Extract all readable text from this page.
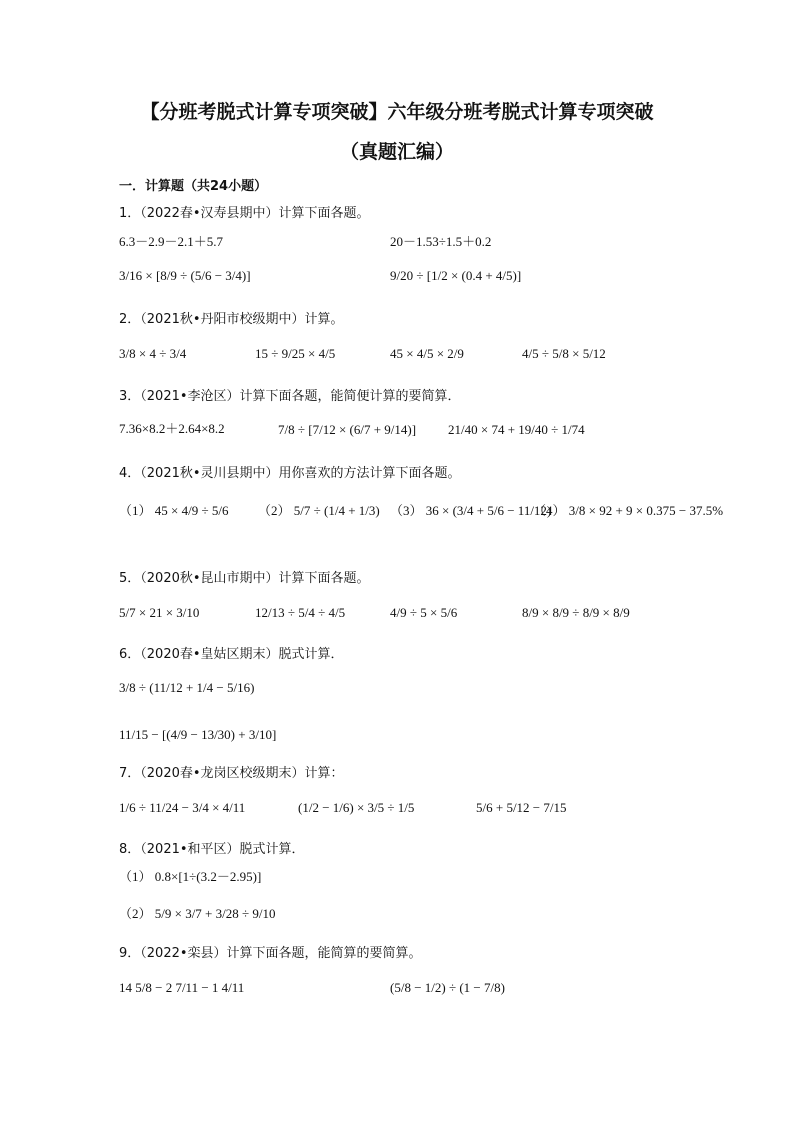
【分班考脱式计算专项突破】六年级分班考脱式计算专项突破
（真题汇编）
一．计算题（共24小题）
1．（2022春•汉寿县期中）计算下面各题。
6.3－2.9－2.1＋5.7	20－1.53÷1.5＋0.2
3/16 × [8/9 ÷ (5/6 − 3/4)]	9/20 ÷ [1/2 × (0.4 + 4/5)]
2．（2021秋•丹阳市校级期中）计算。
3/8 × 4 ÷ 3/4	15 ÷ 9/25 × 4/5	45 × 4/5 × 2/9	4/5 ÷ 5/8 × 5/12
3．（2021•李沧区）计算下面各题，能简便计算的要简算．
7.36×8.2＋2.64×8.2	7/8 ÷ [7/12 × (6/7 + 9/14)] 21/40 × 74 + 19/40 ÷ 1/74
4．（2021秋•灵川县期中）用你喜欢的方法计算下面各题。
（1） 45 × 4/9 ÷ 5/6 （2） 5/7 ÷ (1/4 + 1/3) （3） 36 × (3/4 + 5/6 − 11/12)
（4） 3/8 × 92 + 9 × 0.375 − 37.5%
5．（2020秋•昆山市期中）计算下面各题。
5/7 × 21 × 3/10	12/13 ÷ 5/4 ÷ 4/5	4/9 ÷ 5 × 5/6	8/9 × 8/9 ÷ 8/9 × 8/9
6．（2020春•皇姑区期末）脱式计算．
3/8 ÷ (11/12 + 1/4 − 5/16)
11/15 − [(4/9 − 13/30) + 3/10]
7．（2020春•龙岗区校级期末）计算：
1/6 ÷ 11/24 − 3/4 × 4/11	(1/2 − 1/6) × 3/5 ÷ 1/5	5/6 + 5/12 − 7/15
8．（2021•和平区）脱式计算．
（1） 0.8×[1÷(3.2－2.95)]
（2） 5/9 × 3/7 + 3/28 ÷ 9/10
9．（2022•栾县）计算下面各题，能简算的要简算。
14 5/8 − 2 7/11 − 1 4/11	(5/8 − 1/2) ÷ (1 − 7/8)
